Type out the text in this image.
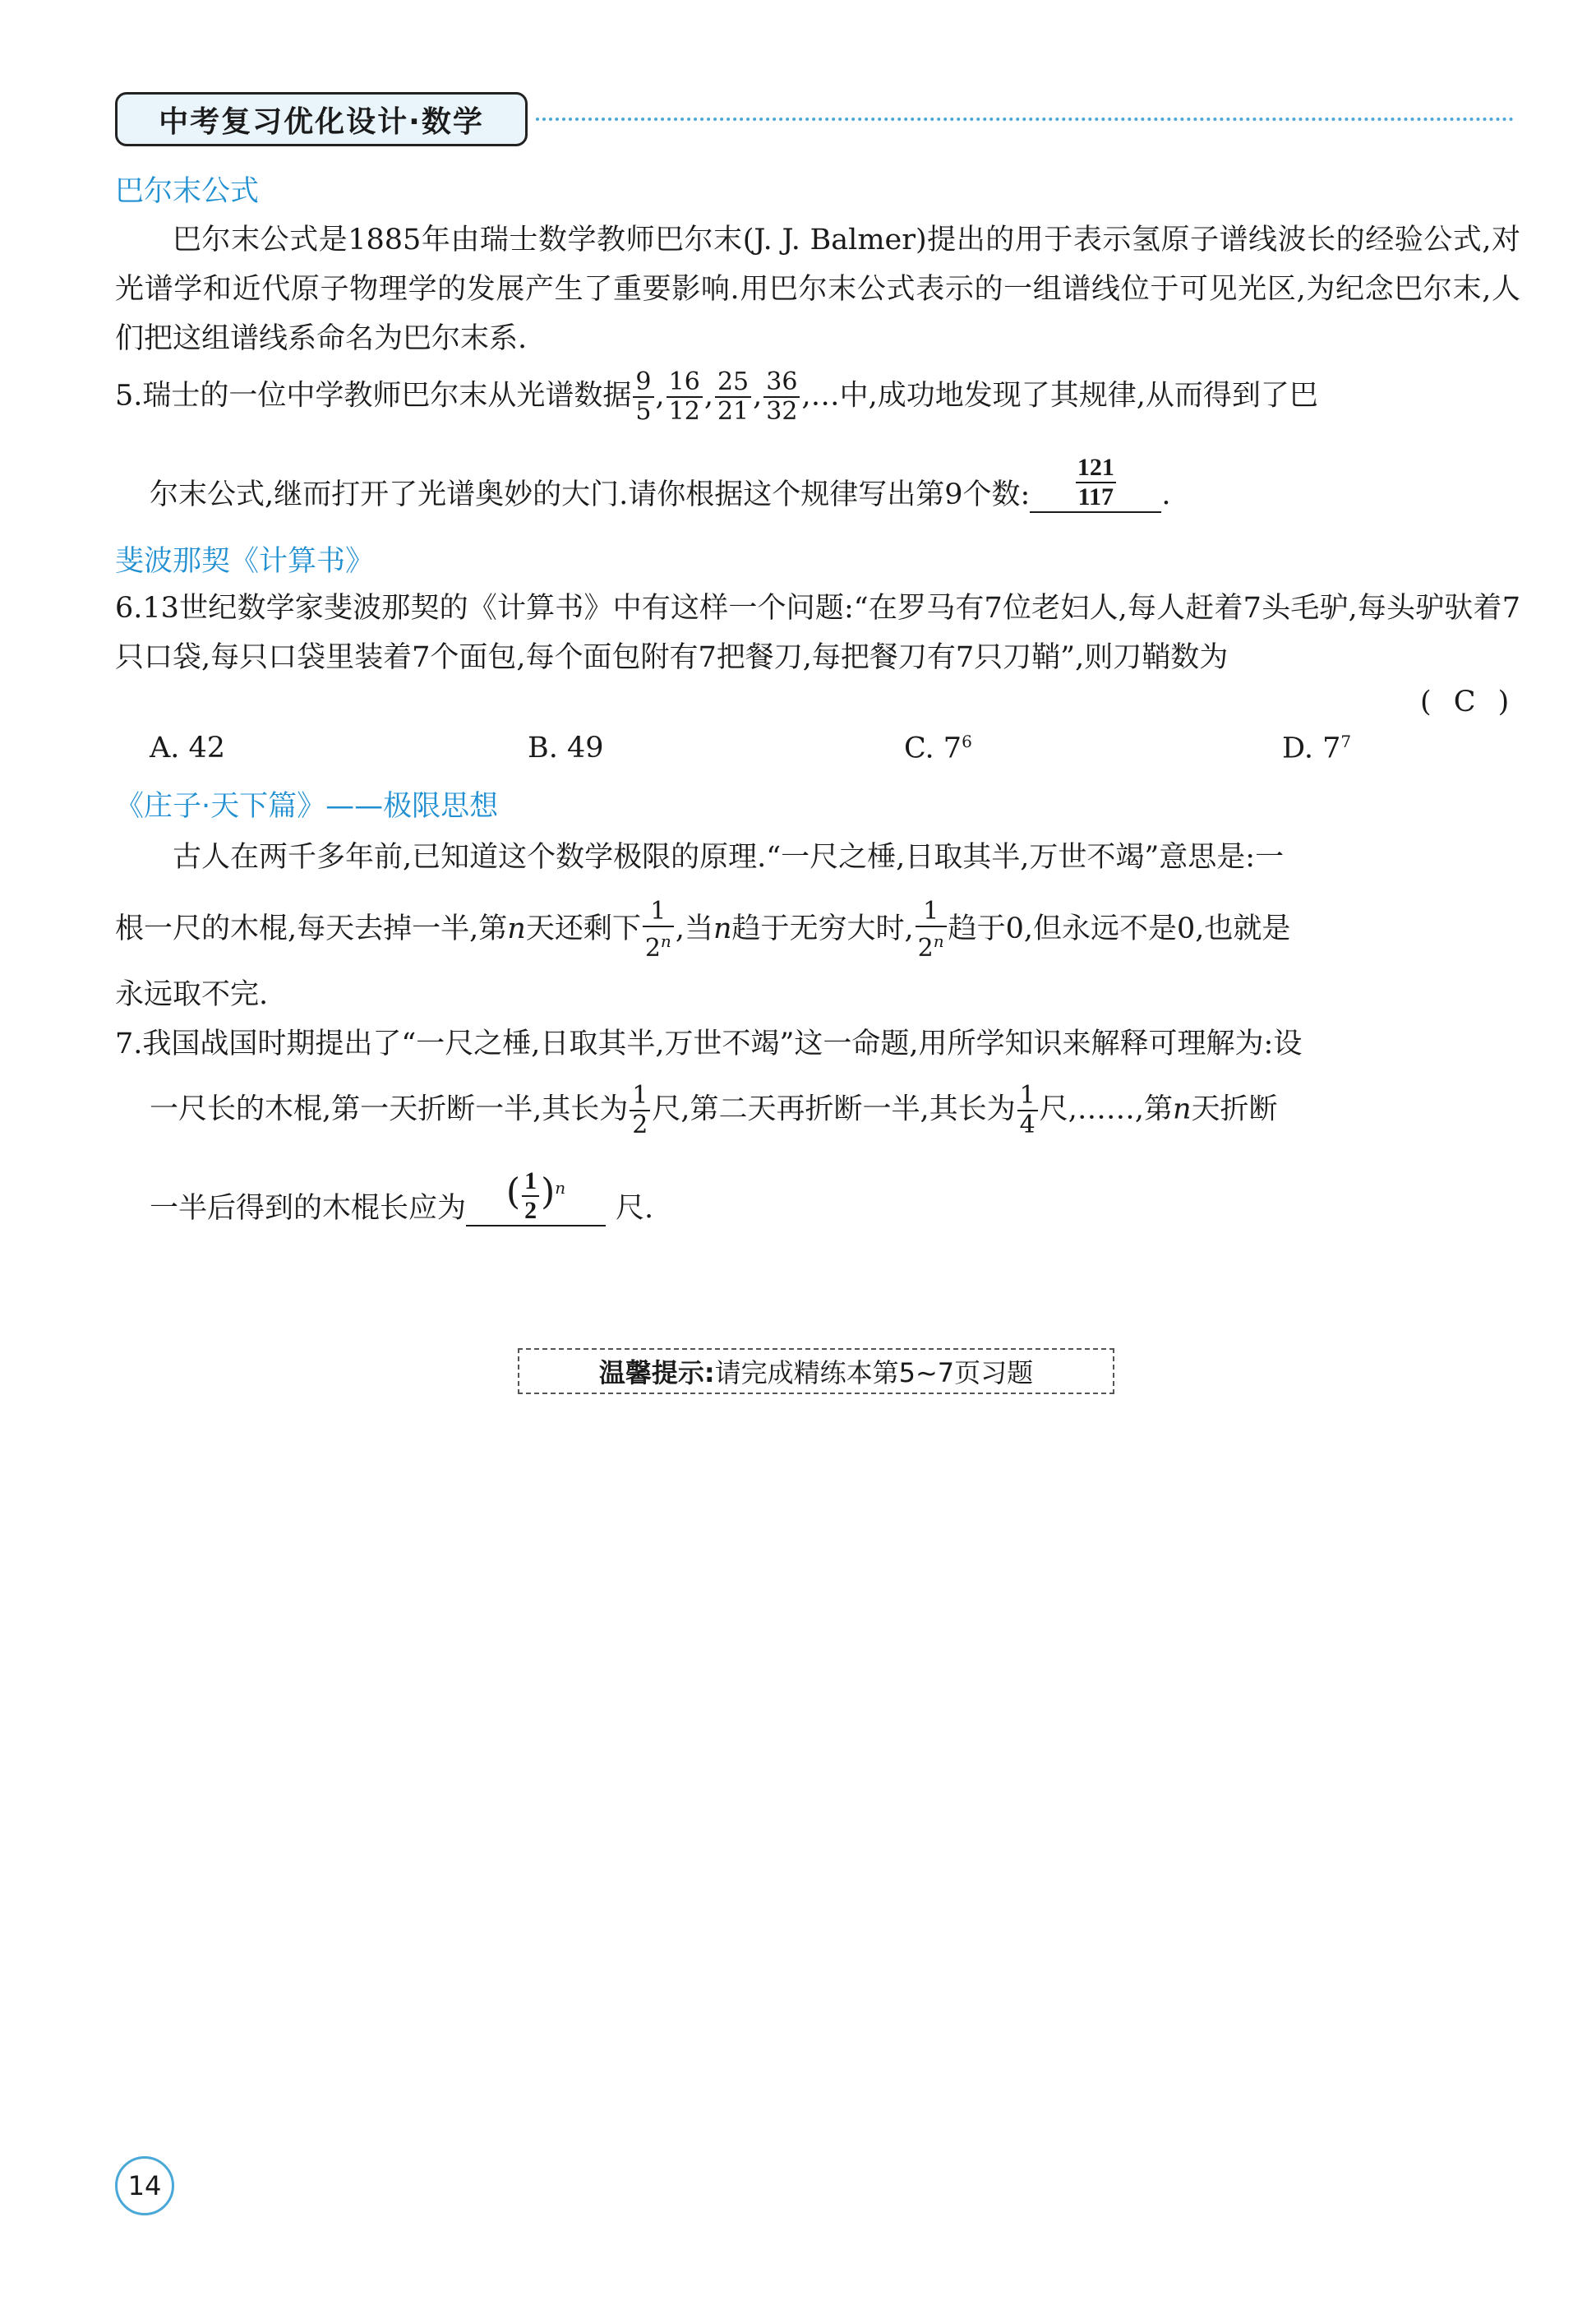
中考复习优化设计·数学
巴尔末公式
巴尔末公式是1885年由瑞士数学教师巴尔末(J. J. Balmer)提出的用于表示氢原子谱线波长的经验公式,对光谱学和近代原子物理学的发展产生了重要影响.用巴尔末公式表示的一组谱线位于可见光区,为纪念巴尔末,人们把这组谱线系命名为巴尔末系.
5.瑞士的一位中学教师巴尔末从光谱数据 $\frac{9}{5}$ , $\frac{16}{12}$ , $\frac{25}{21}$ , $\frac{36}{32}$ ,…中,成功地发现了其规律,从而得到了巴
尔末公式,继而打开了光谱奥妙的大门.请你根据这个规律写出第9个数: $\frac{121}{117}$ .
斐波那契《计算书》
6.13世纪数学家斐波那契的《计算书》中有这样一个问题:“在罗马有7位老妇人,每人赶着7头毛驴,每头驴驮着7只口袋,每只口袋里装着7个面包,每个面包附有7把餐刀,每把餐刀有7只刀鞘”,则刀鞘数为
( C )
A. 42	B. 49	C. $7^6$	D. $7^7$
《庄子·天下篇》——极限思想
古人在两千多年前,已知道这个数学极限的原理.“一尺之棰,日取其半,万世不竭”意思是:一
根一尺的木棍,每天去掉一半,第n天还剩下 $\frac{1}{2^n}$ ,当n趋于无穷大时, $\frac{1}{2^n}$ 趋于0,但永远不是0,也就是
永远取不完.
7.我国战国时期提出了“一尺之棰,日取其半,万世不竭”这一命题,用所学知识来解释可理解为:设
一尺长的木棍,第一天折断一半,其长为 $\frac{1}{2}$ 尺,第二天再折断一半,其长为 $\frac{1}{4}$ 尺,……,第n天折断
一半后得到的木棍长应为 ( $\frac{1}{2} )^n$尺.
温馨提示: 请完成精练本第5~7页习题
14
